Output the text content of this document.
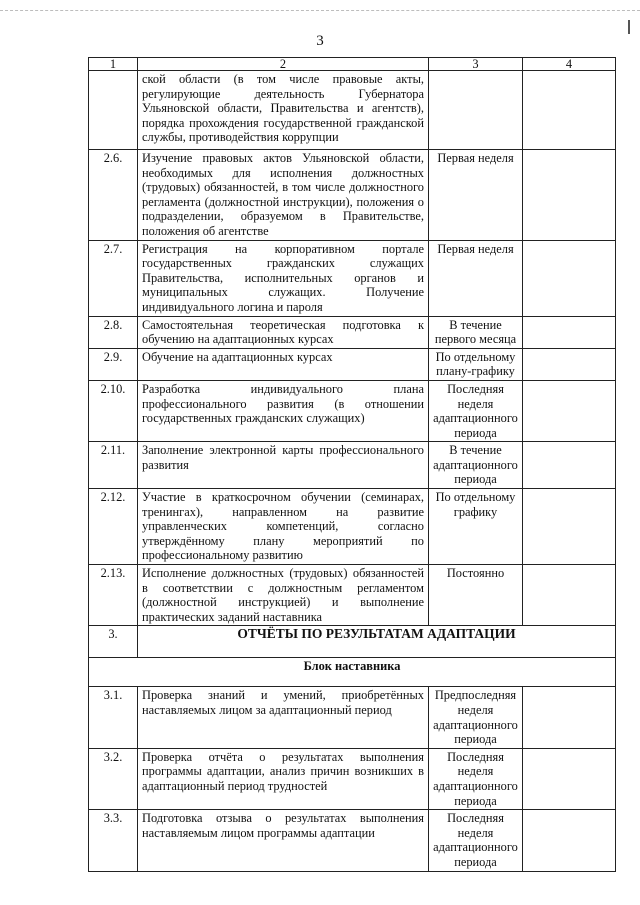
3
1	2	3	4
	ской области (в том числе правовые акты, регулирующие деятельность Губернатора Ульяновской области, Правительства и агентств), порядка прохождения государственной гражданской службы, противодействия коррупции		
2.6.	Изучение правовых актов Ульяновской области, необходимых для исполнения должностных (трудовых) обязанностей, в том числе должностного регламента (должностной инструкции), положения о подразделении, образуемом в Правительстве, положения об агентстве	Первая неделя	
2.7.	Регистрация на корпоративном портале государственных гражданских служащих Правительства, исполнительных органов и муниципальных служащих. Получение индивидуального логина и пароля	Первая неделя	
2.8.	Самостоятельная теоретическая подготовка к обучению на адаптационных курсах	В течение первого месяца	
2.9.	Обучение на адаптационных курсах	По отдельному плану-графику	
2.10.	Разработка индивидуального плана профессионального развития (в отношении государственных гражданских служащих)	Последняя неделя адаптационного периода	
2.11.	Заполнение электронной карты профессионального развития	В течение адаптационного периода	
2.12.	Участие в краткосрочном обучении (семинарах, тренингах), направленном на развитие управленческих компетенций, согласно утверждённому плану мероприятий по профессиональному развитию	По отдельному графику	
2.13.	Исполнение должностных (трудовых) обязанностей в соответствии с должностным регламентом (должностной инструкцией) и выполнение практических заданий наставника	Постоянно	
3.	ОТЧЁТЫ ПО РЕЗУЛЬТАТАМ АДАПТАЦИИ		
Блок наставника			
3.1.	Проверка знаний и умений, приобретённых наставляемых лицом за адаптационный период	Предпоследняя неделя адаптационного периода	
3.2.	Проверка отчёта о результатах выполнения программы адаптации, анализ причин возникших в адаптационный период трудностей	Последняя неделя адаптационного периода	
3.3.	Подготовка отзыва о результатах выполнения наставляемым лицом программы адаптации	Последняя неделя адаптационного периода	
